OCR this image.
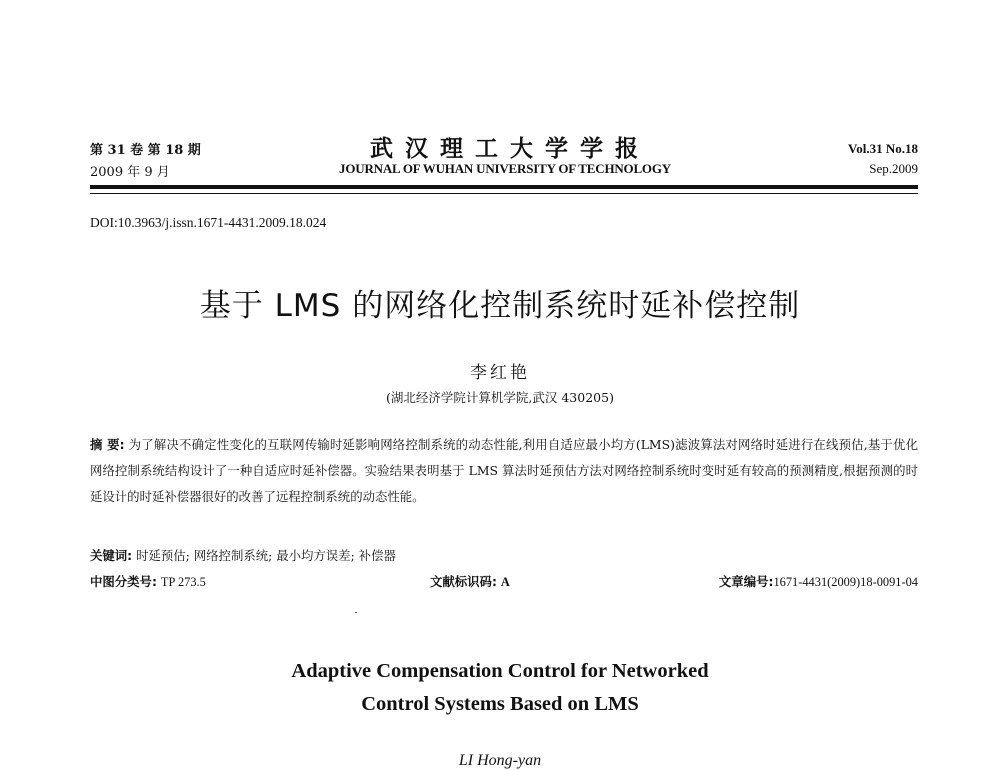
第 31 卷 第 18 期
2009 年 9 月
武汉理工大学学报
JOURNAL OF WUHAN UNIVERSITY OF TECHNOLOGY
Vol.31 No.18
Sep.2009
DOI:10.3963/j.issn.1671-4431.2009.18.024
基于 LMS 的网络化控制系统时延补偿控制
李红艳
(湖北经济学院计算机学院,武汉 430205)
摘 要: 为了解决不确定性变化的互联网传输时延影响网络控制系统的动态性能,利用自适应最小均方(LMS)滤波算法对网络时延进行在线预估,基于优化网络控制系统结构设计了一种自适应时延补偿器。实验结果表明基于 LMS 算法时延预估方法对网络控制系统时变时延有较高的预测精度,根据预测的时延设计的时延补偿器很好的改善了远程控制系统的动态性能。
关键词: 时延预估; 网络控制系统; 最小均方误差; 补偿器
中图分类号: TP 273.5	文献标识码: A	文章编号:1671-4431(2009)18-0091-04
Adaptive Compensation Control for Networked
Control Systems Based on LMS
LI Hong-yan
